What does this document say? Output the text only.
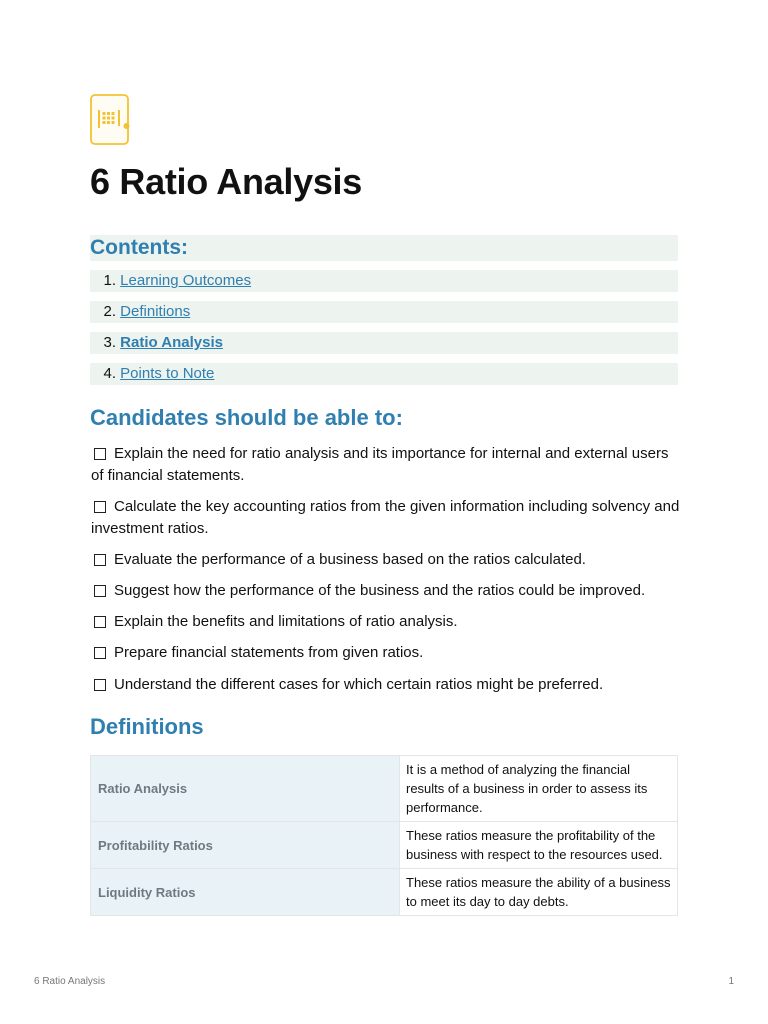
6 Ratio Analysis
Contents:
1.
Learning Outcomes
2.
Definitions
3.
Ratio Analysis
4.
Points to Note
Candidates should be able to:
Explain the need for ratio analysis and its importance for internal and external users of financial statements.
Calculate the key accounting ratios from the given information including solvency and investment ratios.
Evaluate the performance of a business based on the ratios calculated.
Suggest how the performance of the business and the ratios could be improved.
Explain the benefits and limitations of ratio analysis.
Prepare financial statements from given ratios.
Understand the different cases for which certain ratios might be preferred.
Definitions
Ratio Analysis	It is a method of analyzing the financial results of a business in order to assess its performance.
Profitability Ratios	These ratios measure the profitability of the business with respect to the resources used.
Liquidity Ratios	These ratios measure the ability of a business to meet its day to day debts.
6 Ratio Analysis	1
